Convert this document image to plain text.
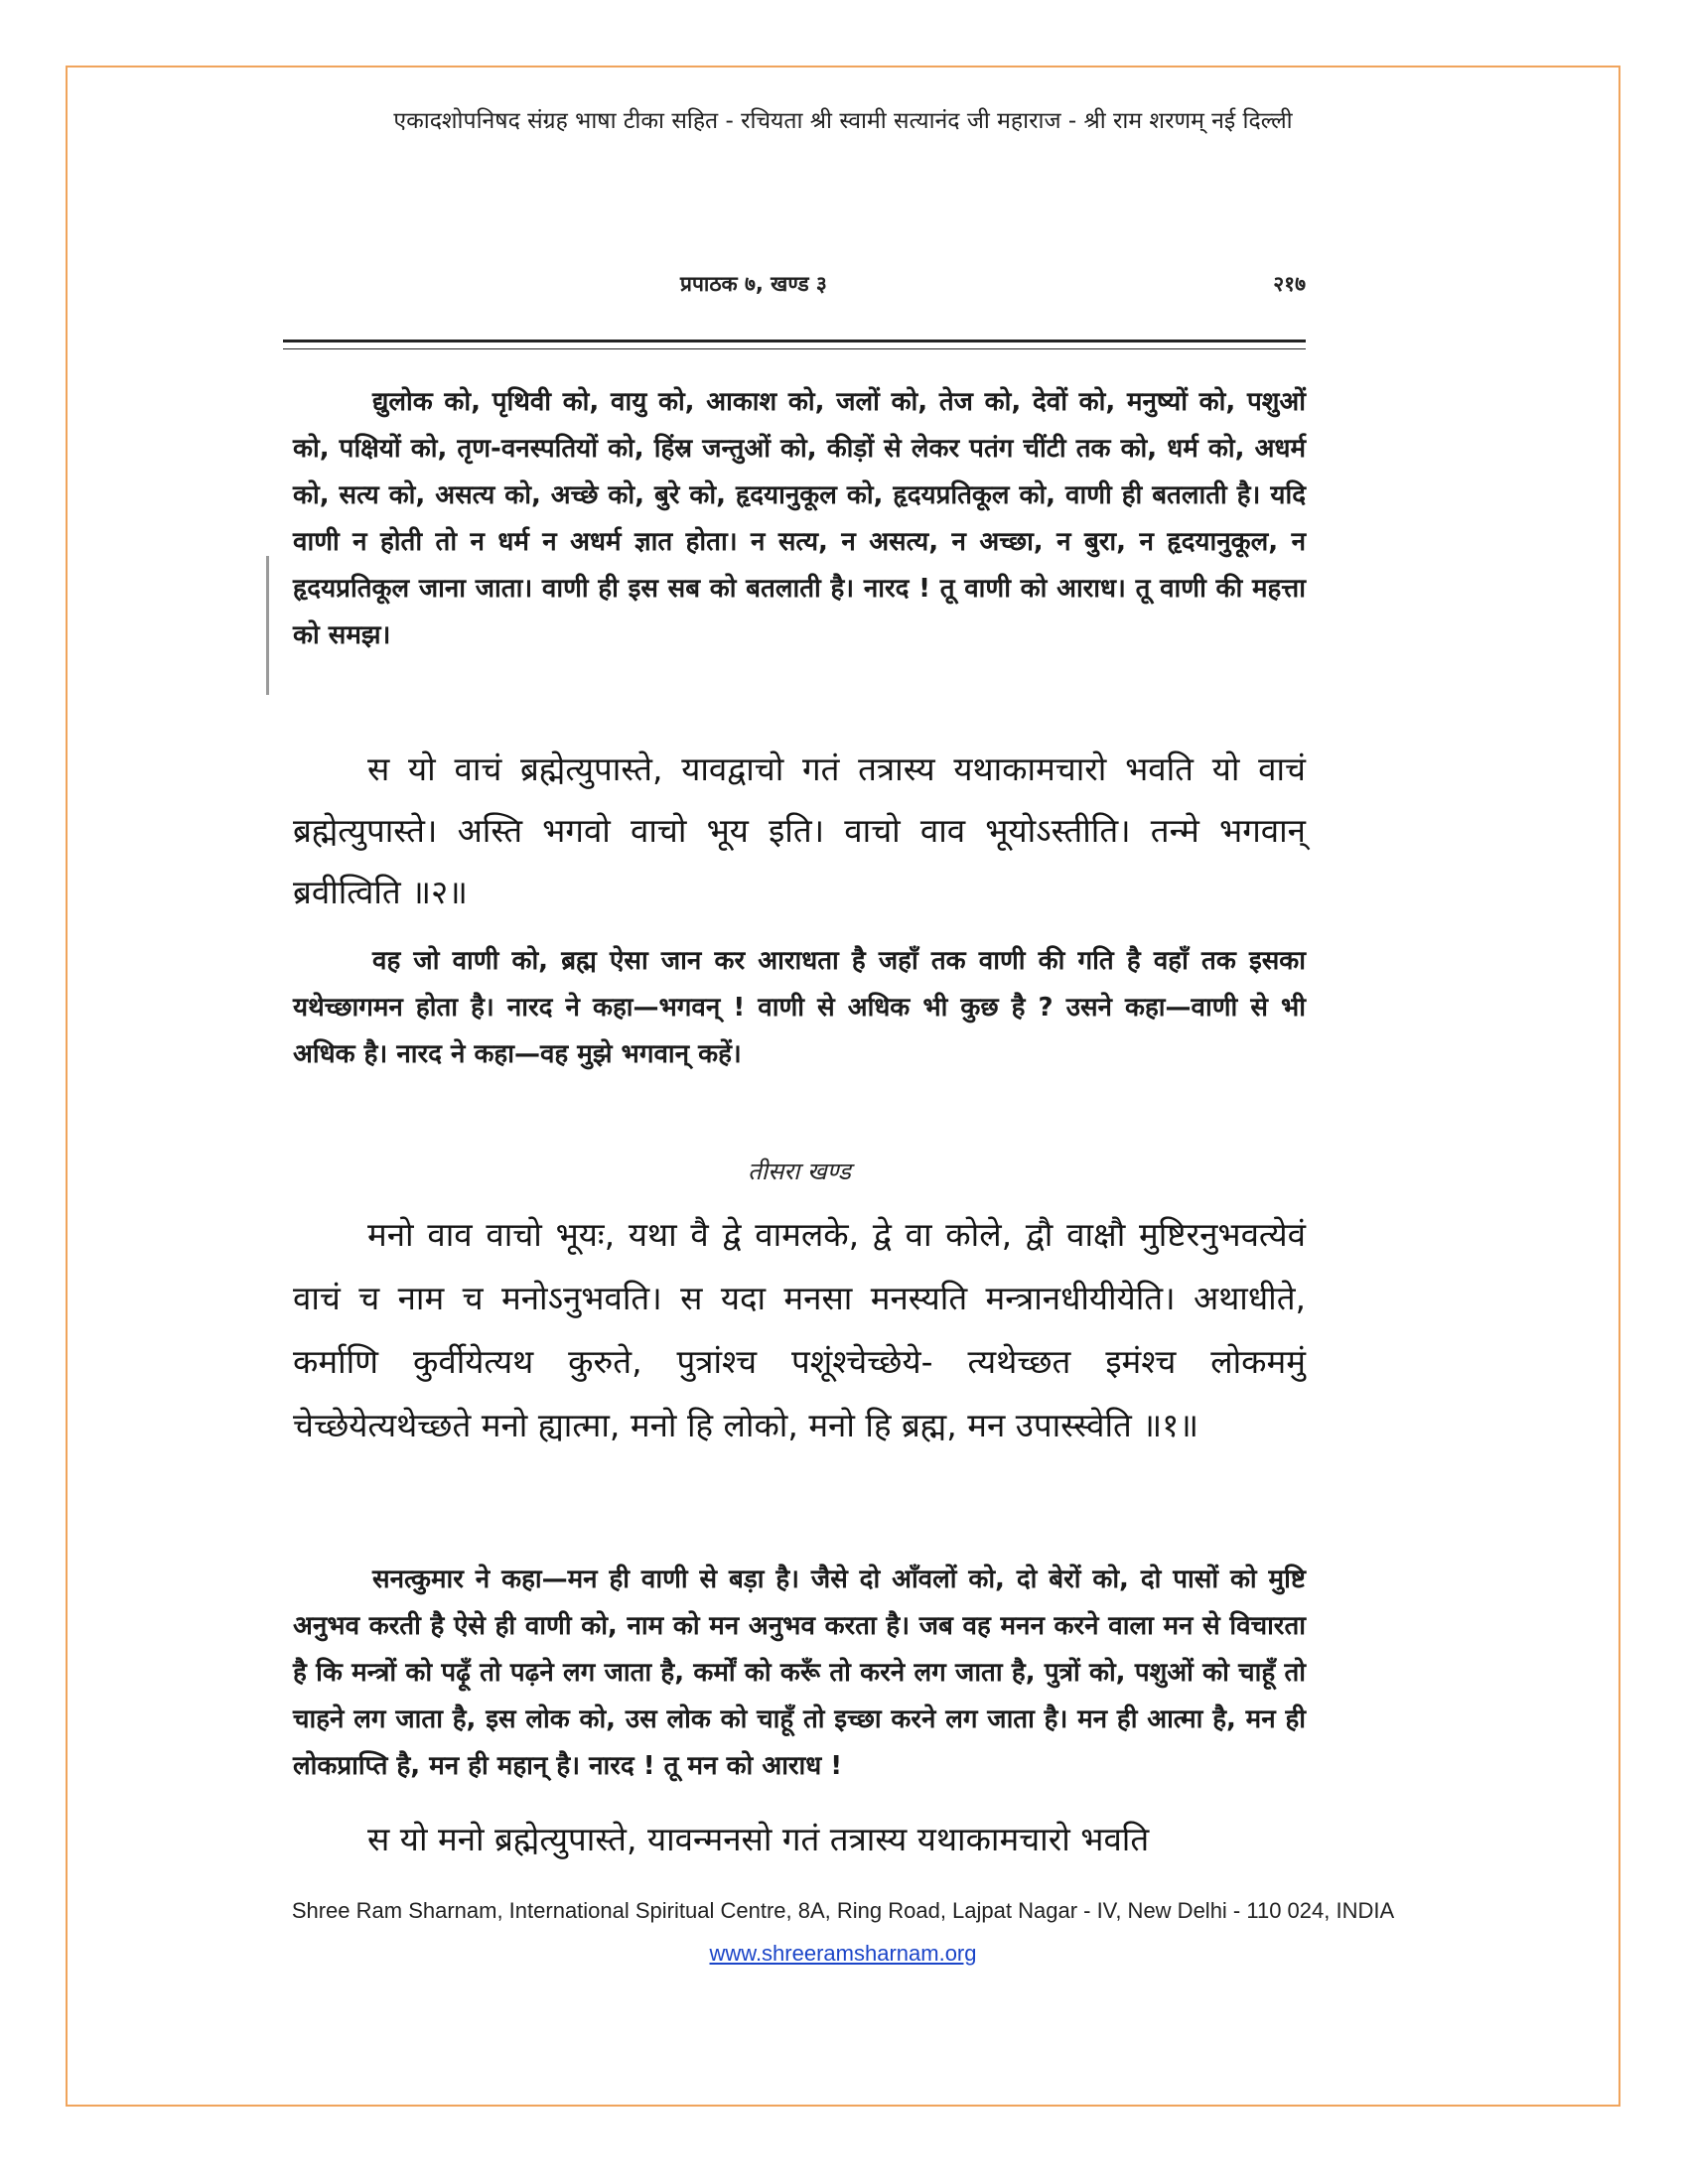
एकादशोपनिषद संग्रह भाषा टीका सहित - रचियता श्री स्वामी सत्यानंद जी महाराज - श्री राम शरणम् नई दिल्ली
प्रपाठक ७, खण्ड ३	२१७

द्युलोक को, पृथिवी को, वायु को, आकाश को, जलों को, तेज को, देवों को, मनुष्यों को, पशुओं को, पक्षियों को, तृण-वनस्पतियों को, हिंस्र जन्तुओं को, कीड़ों से लेकर पतंग चींटी तक को, धर्म को, अधर्म को, सत्य को, असत्य को, अच्छे को, बुरे को, हृदयानुकूल को, हृदयप्रतिकूल को, वाणी ही बतलाती है। यदि वाणी न होती तो न धर्म न अधर्म ज्ञात होता। न सत्य, न असत्य, न अच्छा, न बुरा, न हृदयानुकूल, न हृदयप्रतिकूल जाना जाता। वाणी ही इस सब को बतलाती है। नारद ! तू वाणी को आराध। तू वाणी की महत्ता को समझ।

स यो वाचं ब्रह्मेत्युपास्ते, यावद्वाचो गतं तत्रास्य यथाकामचारो भवति यो वाचं ब्रह्मेत्युपास्ते। अस्ति भगवो वाचो भूय इति। वाचो वाव भूयोऽस्तीति। तन्मे भगवान् ब्रवीत्विति ॥२॥

वह जो वाणी को, ब्रह्म ऐसा जान कर आराधता है जहाँ तक वाणी की गति है वहाँ तक इसका यथेच्छागमन होता है। नारद ने कहा—भगवन् ! वाणी से अधिक भी कुछ है ? उसने कहा—वाणी से भी अधिक है। नारद ने कहा—वह मुझे भगवान् कहें।

तीसरा खण्ड

मनो वाव वाचो भूयः, यथा वै द्वे वामलके, द्वे वा कोले, द्वौ वाक्षौ मुष्टिरनुभवत्येवं वाचं च नाम च मनोऽनुभवति। स यदा मनसा मनस्यति मन्त्रानधीयीयेति। अथाधीते, कर्माणि कुर्वीयेत्यथ कुरुते, पुत्रांश्च पशूंश्चेच्छेये- त्यथेच्छत इमंश्च लोकममुं चेच्छेयेत्यथेच्छते मनो ह्यात्मा, मनो हि लोको, मनो हि ब्रह्म, मन उपास्स्वेति ॥१॥

सनत्कुमार ने कहा—मन ही वाणी से बड़ा है। जैसे दो आँवलों को, दो बेरों को, दो पासों को मुष्टि अनुभव करती है ऐसे ही वाणी को, नाम को मन अनुभव करता है। जब वह मनन करने वाला मन से विचारता है कि मन्त्रों को पढ़ूँ तो पढ़ने लग जाता है, कर्मों को करूँ तो करने लग जाता है, पुत्रों को, पशुओं को चाहूँ तो चाहने लग जाता है, इस लोक को, उस लोक को चाहूँ तो इच्छा करने लग जाता है। मन ही आत्मा है, मन ही लोकप्राप्ति है, मन ही महान् है। नारद ! तू मन को आराध !

स यो मनो ब्रह्मेत्युपास्ते, यावन्मनसो गतं तत्रास्य यथाकामचारो भवति

Shree Ram Sharnam, International Spiritual Centre, 8A, Ring Road, Lajpat Nagar - IV, New Delhi - 110 024, INDIA
www.shreeramsharnam.org
